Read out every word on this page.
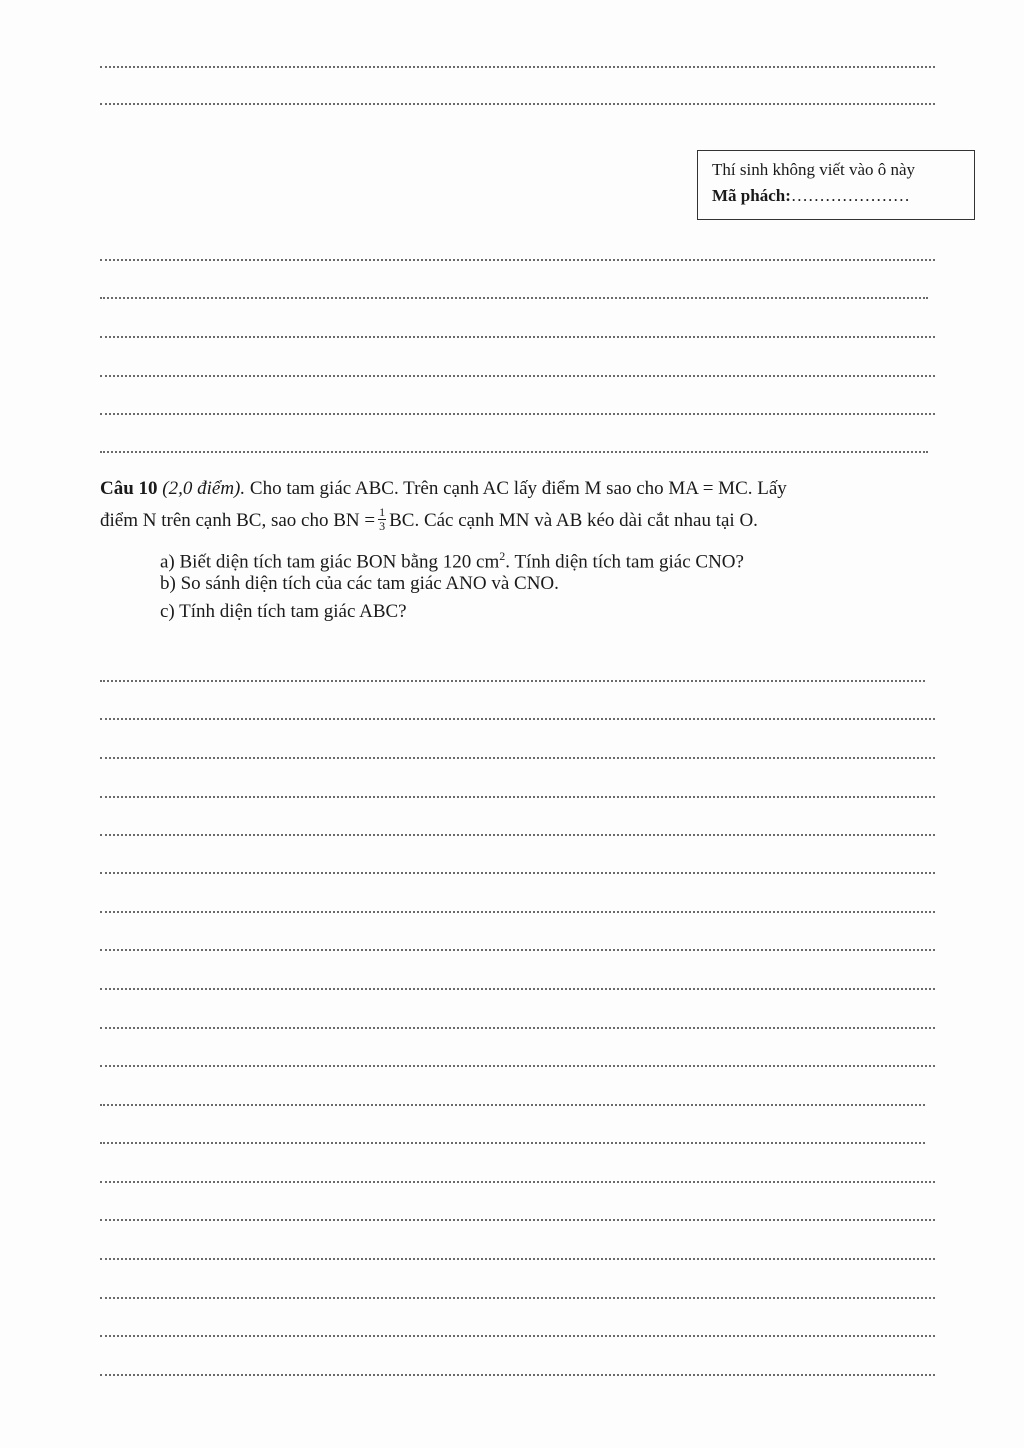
Thí sinh không viết vào ô này
Mã phách:…………………
Câu 10 (2,0 điểm). Cho tam giác ABC. Trên cạnh AC lấy điểm M sao cho MA = MC. Lấy
điểm N trên cạnh BC, sao cho BN = $\frac{1}{3}$ BC. Các cạnh MN và AB kéo dài cắt nhau tại O.
a) Biết diện tích tam giác BON bằng 120 $cm^2$. Tính diện tích tam giác CNO?
b) So sánh diện tích của các tam giác ANO và CNO.
c) Tính diện tích tam giác ABC?
